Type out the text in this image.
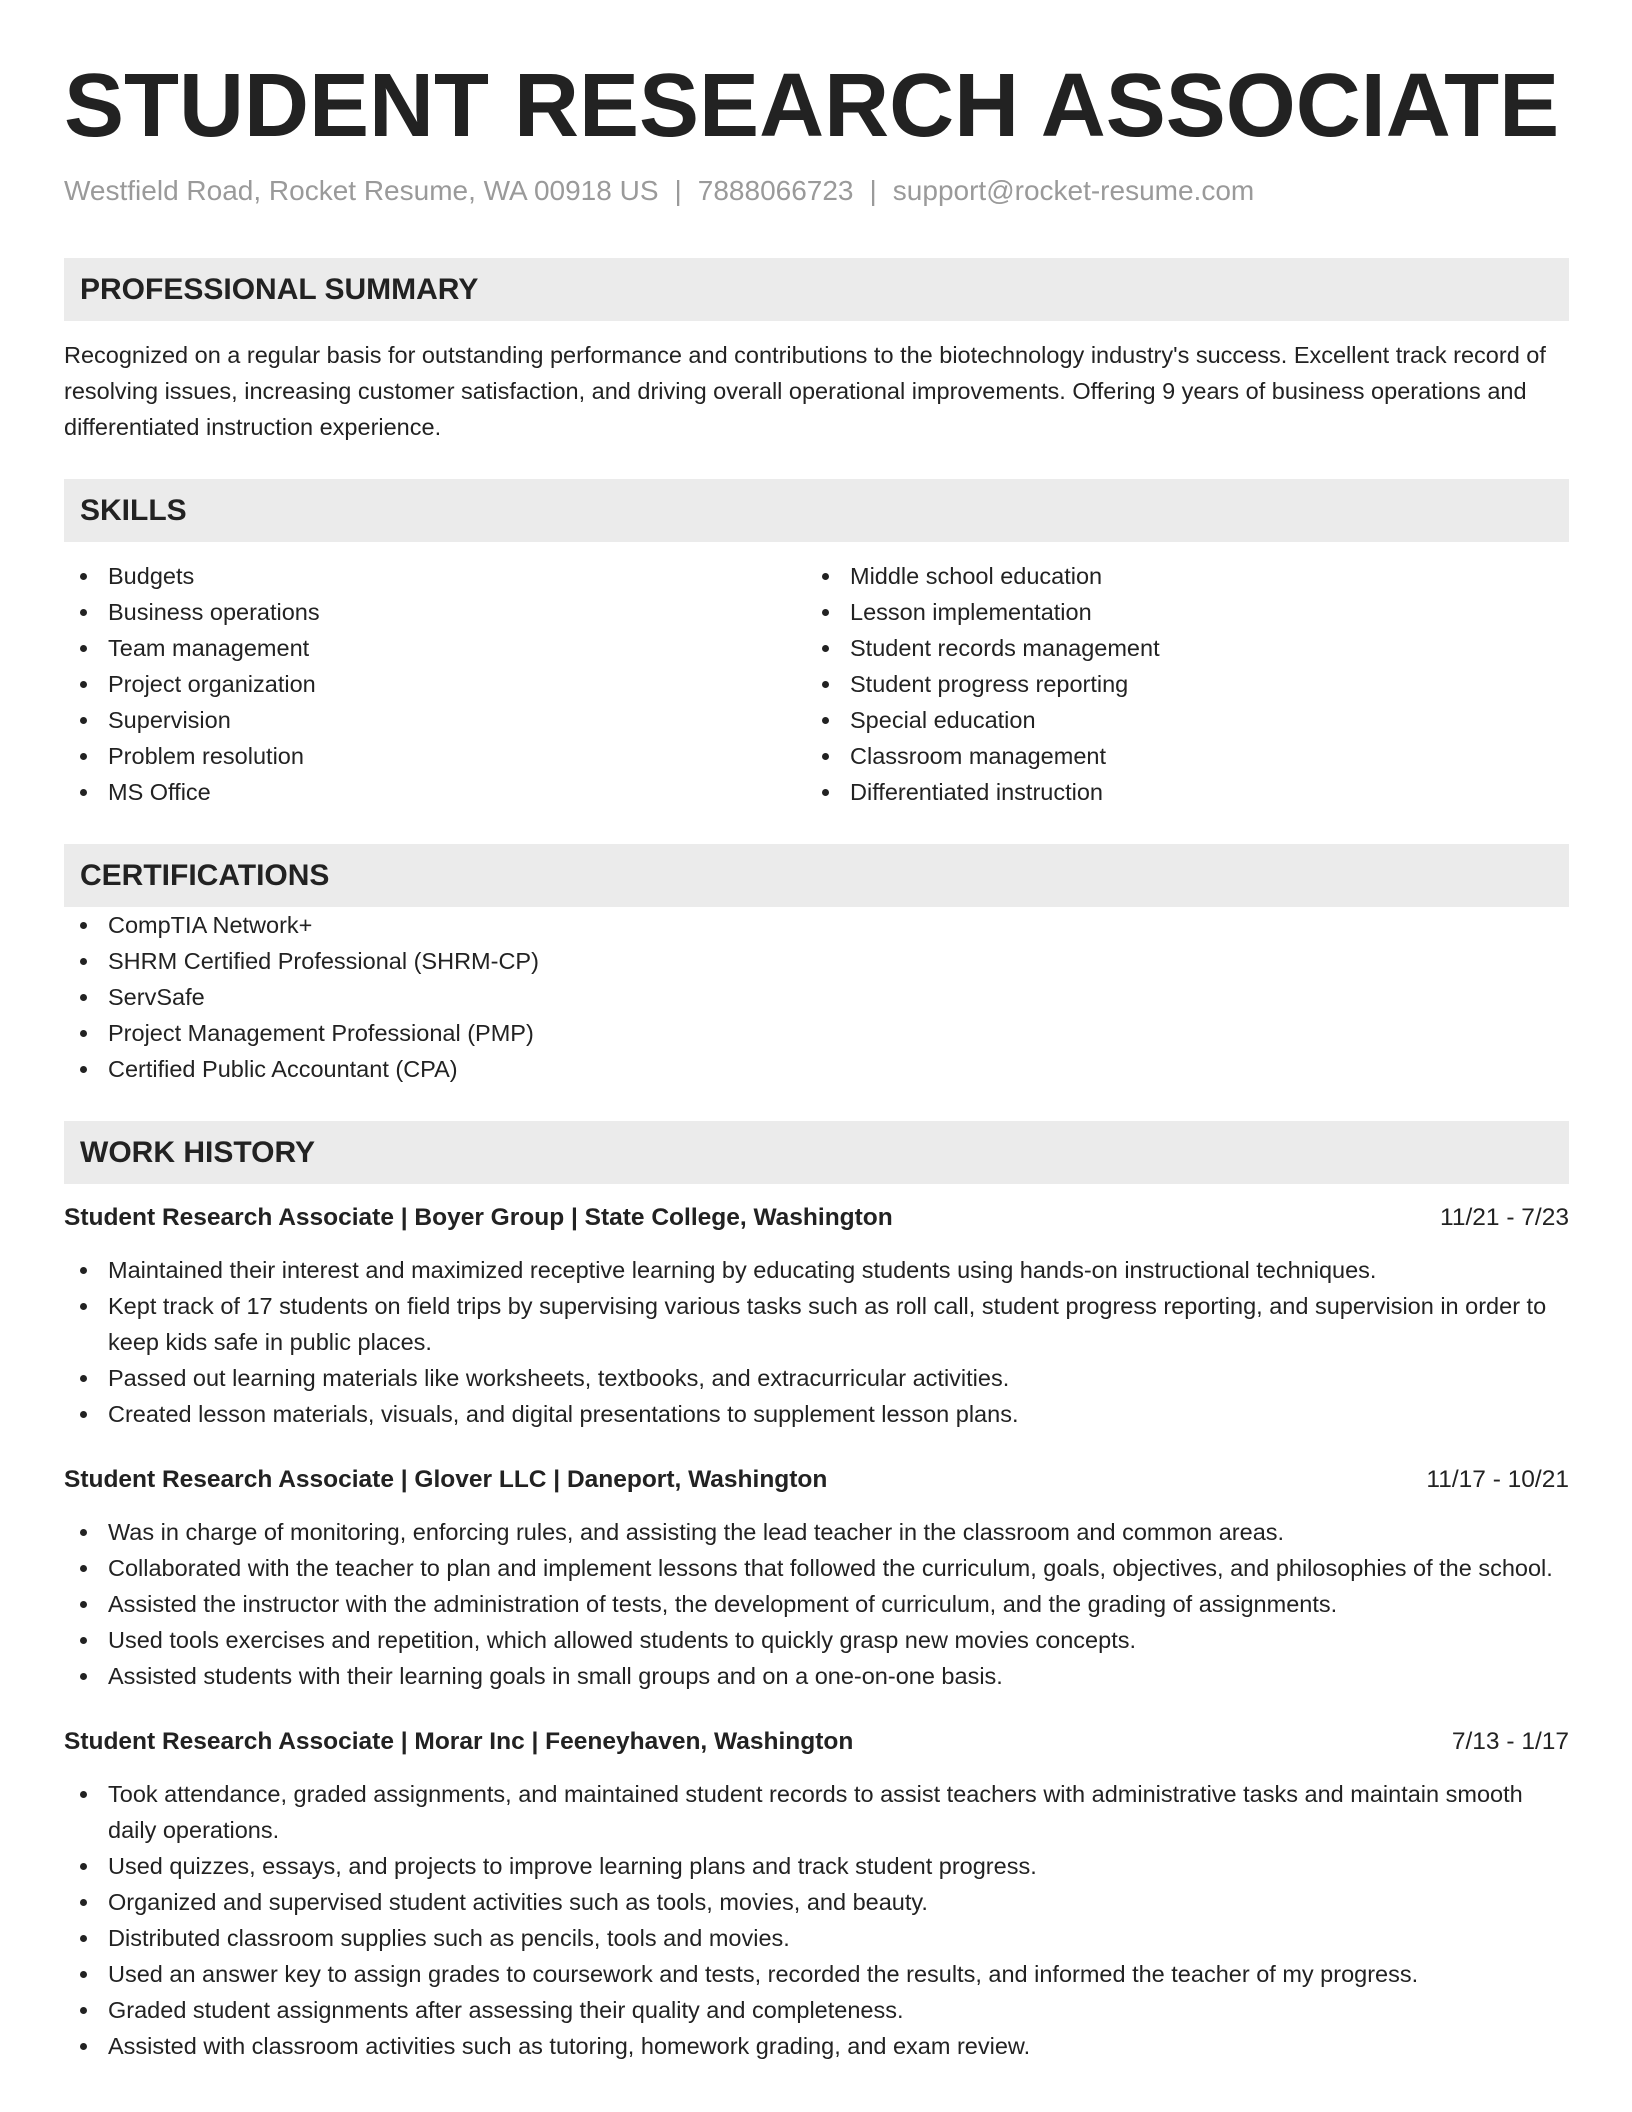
STUDENT RESEARCH ASSOCIATE
Westfield Road, Rocket Resume, WA 00918 US | 7888066723 | support@rocket-resume.com
PROFESSIONAL SUMMARY
Recognized on a regular basis for outstanding performance and contributions to the biotechnology industry's success. Excellent track record of resolving issues, increasing customer satisfaction, and driving overall operational improvements. Offering 9 years of business operations and differentiated instruction experience.
SKILLS
Budgets
Business operations
Team management
Project organization
Supervision
Problem resolution
MS Office
Middle school education
Lesson implementation
Student records management
Student progress reporting
Special education
Classroom management
Differentiated instruction
CERTIFICATIONS
CompTIA Network+
SHRM Certified Professional (SHRM-CP)
ServSafe
Project Management Professional (PMP)
Certified Public Accountant (CPA)
WORK HISTORY
Student Research Associate | Boyer Group | State College, Washington	11/21 - 7/23
Maintained their interest and maximized receptive learning by educating students using hands-on instructional techniques.
Kept track of 17 students on field trips by supervising various tasks such as roll call, student progress reporting, and supervision in order to keep kids safe in public places.
Passed out learning materials like worksheets, textbooks, and extracurricular activities.
Created lesson materials, visuals, and digital presentations to supplement lesson plans.
Student Research Associate | Glover LLC | Daneport, Washington	11/17 - 10/21
Was in charge of monitoring, enforcing rules, and assisting the lead teacher in the classroom and common areas.
Collaborated with the teacher to plan and implement lessons that followed the curriculum, goals, objectives, and philosophies of the school.
Assisted the instructor with the administration of tests, the development of curriculum, and the grading of assignments.
Used tools exercises and repetition, which allowed students to quickly grasp new movies concepts.
Assisted students with their learning goals in small groups and on a one-on-one basis.
Student Research Associate | Morar Inc | Feeneyhaven, Washington	7/13 - 1/17
Took attendance, graded assignments, and maintained student records to assist teachers with administrative tasks and maintain smooth daily operations.
Used quizzes, essays, and projects to improve learning plans and track student progress.
Organized and supervised student activities such as tools, movies, and beauty.
Distributed classroom supplies such as pencils, tools and movies.
Used an answer key to assign grades to coursework and tests, recorded the results, and informed the teacher of my progress.
Graded student assignments after assessing their quality and completeness.
Assisted with classroom activities such as tutoring, homework grading, and exam review.
